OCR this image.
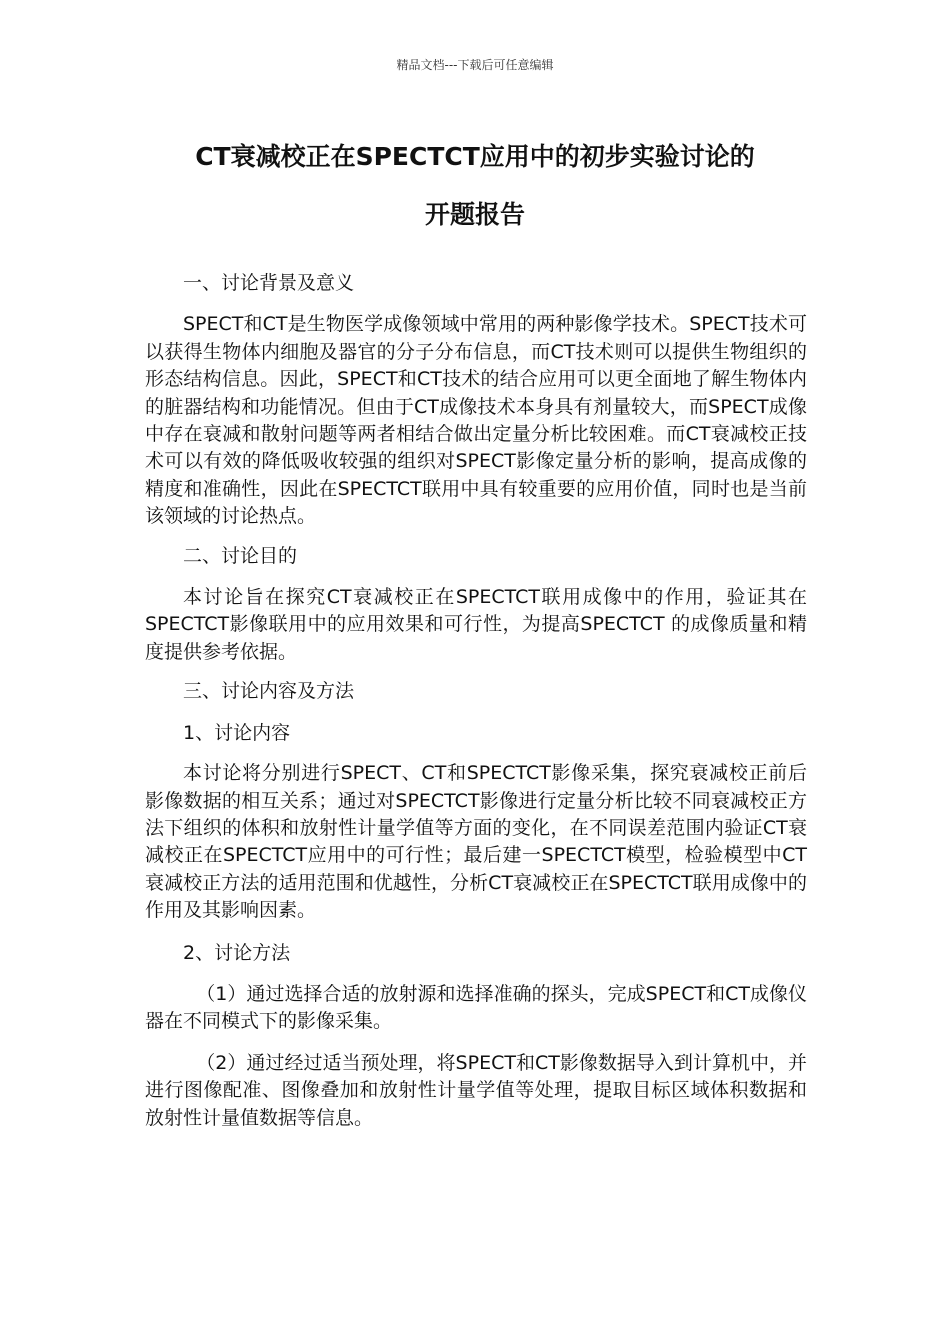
精品文档---下载后可任意编辑
CT衰减校正在SPECTCT应用中的初步实验讨论的
开题报告

一、讨论背景及意义

SPECT和CT是生物医学成像领域中常用的两种影像学技术。SPECT技术可以获得生物体内细胞及器官的分子分布信息，而CT技术则可以提供生物组织的形态结构信息。因此，SPECT和CT技术的结合应用可以更全面地了解生物体内的脏器结构和功能情况。但由于CT成像技术本身具有剂量较大，而SPECT成像中存在衰减和散射问题等两者相结合做出定量分析比较困难。而CT衰减校正技术可以有效的降低吸收较强的组织对SPECT影像定量分析的影响，提高成像的精度和准确性，因此在SPECTCT联用中具有较重要的应用价值，同时也是当前该领域的讨论热点。

二、讨论目的

本讨论旨在探究CT衰减校正在SPECTCT联用成像中的作用，验证其在SPECTCT影像联用中的应用效果和可行性，为提高SPECTCT 的成像质量和精度提供参考依据。

三、讨论内容及方法

1、讨论内容

本讨论将分别进行SPECT、CT和SPECTCT影像采集，探究衰减校正前后影像数据的相互关系；通过对SPECTCT影像进行定量分析比较不同衰减校正方法下组织的体积和放射性计量学值等方面的变化，在不同误差范围内验证CT衰减校正在SPECTCT应用中的可行性；最后建一SPECTCT模型，检验模型中CT衰减校正方法的适用范围和优越性，分析CT衰减校正在SPECTCT联用成像中的作用及其影响因素。

2、讨论方法

（1）通过选择合适的放射源和选择准确的探头，完成SPECT和CT成像仪器在不同模式下的影像采集。

（2）通过经过适当预处理，将SPECT和CT影像数据导入到计算机中，并进行图像配准、图像叠加和放射性计量学值等处理，提取目标区域体积数据和放射性计量值数据等信息。
